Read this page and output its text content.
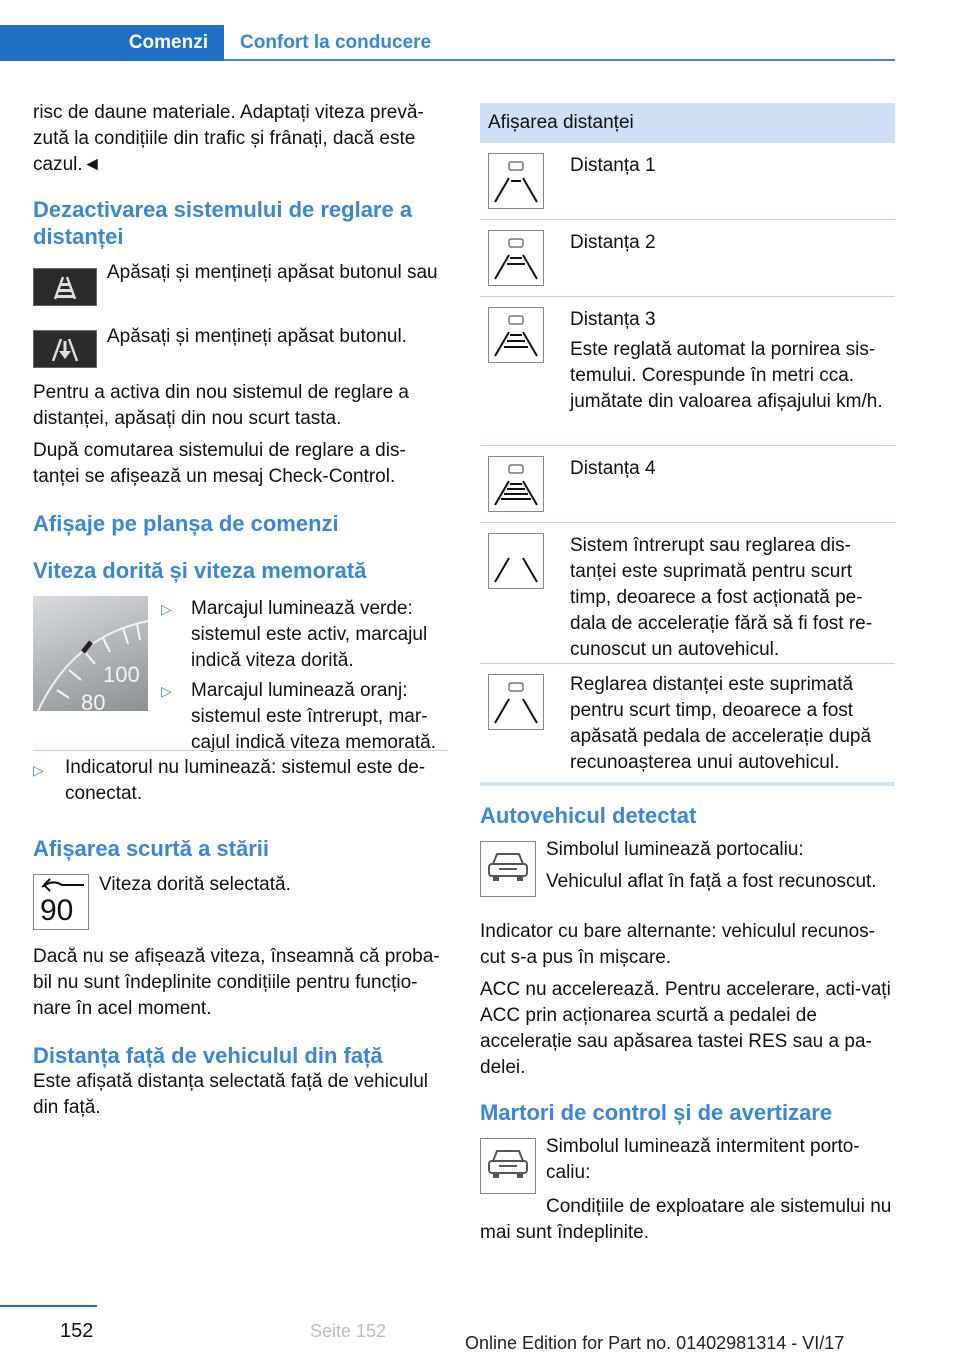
Comenzi	Confort la conducere

risc de daune materiale. Adaptați viteza prevă‐zută la condițiile din trafic și frânați, dacă este cazul.◄

Dezactivarea sistemului de reglare a distanței
Apăsați și mențineți apăsat butonul sau
Apăsați și mențineți apăsat butonul.

Pentru a activa din nou sistemul de reglare a distanței, apăsați din nou scurt tasta.

După comutarea sistemului de reglare a dis‐tanței se afișează un mesaj Check-Control.

Afișaje pe planșa de comenzi
Viteza dorită și viteza memorată
100
80
▷	Marcajul luminează verde: sistemul este activ, marcajul indică viteza dorită.
▷	Marcajul luminează oranj: sistemul este întrerupt, mar‐cajul indică viteza memorată.
▷ Indicatorul nu luminează: sistemul este de‐conectat.
Afișarea scurtă a stării
90
Viteza dorită selectată.

Dacă nu se afișează viteza, înseamnă că proba‐bil nu sunt îndeplinite condițiile pentru funcțio‐nare în acel moment.

Distanța față de vehiculul din față

Este afișată distanța selectată față de vehiculul din față.

Afișarea distanței
Distanța 1
Distanța 2
Distanța 3
Este reglată automat la pornirea sis‐temului. Corespunde în metri cca. jumătate din valoarea afișajului km/h.
Distanța 4
Sistem întrerupt sau reglarea dis‐tanței este suprimată pentru scurt timp, deoarece a fost acționată pe‐dala de accelerație fără să fi fost re‐cunoscut un autovehicul.
Reglarea distanței este suprimată pentru scurt timp, deoarece a fost apăsată pedala de accelerație după recunoașterea unui autovehicul.
Autovehicul detectat
Simbolul luminează portocaliu:
Vehiculul aflat în față a fost recunoscut.

Indicator cu bare alternante: vehiculul recunos‐cut s-a pus în mișcare.

ACC nu accelerează. Pentru accelerare, acti‐vați ACC prin acționarea scurtă a pedalei de accelerație sau apăsarea tastei RES sau a pa‐delei.

Martori de control și de avertizare
Simbolul luminează intermitent porto‐caliu:

Condițiile de exploatare ale sistemului nu mai sunt îndeplinite.

152	Seite 152
Online Edition for Part no. 01402981314 - VI/17
